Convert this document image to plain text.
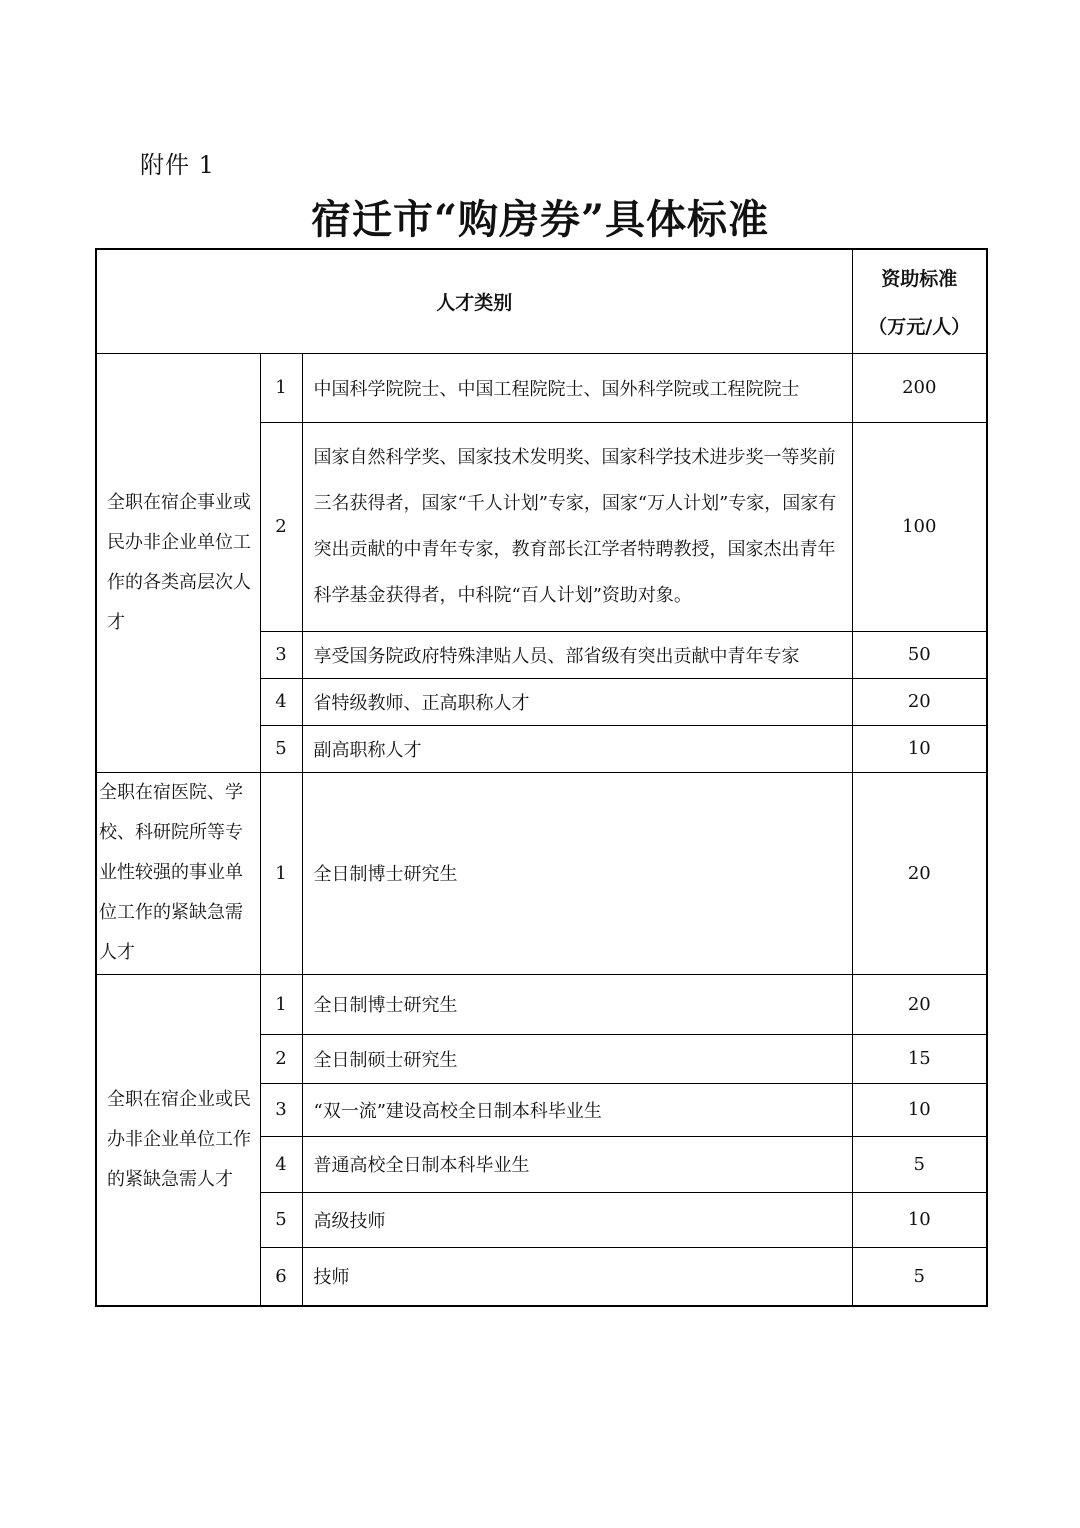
附件 1
宿迁市“购房券”具体标准
人才类别			资助标准
（万元/人）
全职在宿企事业或民办非企业单位工作的各类高层次人才	1	中国科学院院士、中国工程院院士、国外科学院或工程院院士	200
	2	国家自然科学奖、国家技术发明奖、国家科学技术进步奖一等奖前三名获得者，国家“千人计划”专家，国家“万人计划”专家，国家有突出贡献的中青年专家，教育部长江学者特聘教授，国家杰出青年科学基金获得者，中科院“百人计划”资助对象。	100
	3	享受国务院政府特殊津贴人员、部省级有突出贡献中青年专家	50
	4	省特级教师、正高职称人才	20
	5	副高职称人才	10
全职在宿医院、学校、科研院所等专业性较强的事业单位工作的紧缺急需人才	1	全日制博士研究生	20
全职在宿企业或民办非企业单位工作的紧缺急需人才	1	全日制博士研究生	20
	2	全日制硕士研究生	15
	3	“双一流”建设高校全日制本科毕业生	10
	4	普通高校全日制本科毕业生	5
	5	高级技师	10
	6	技师	5
